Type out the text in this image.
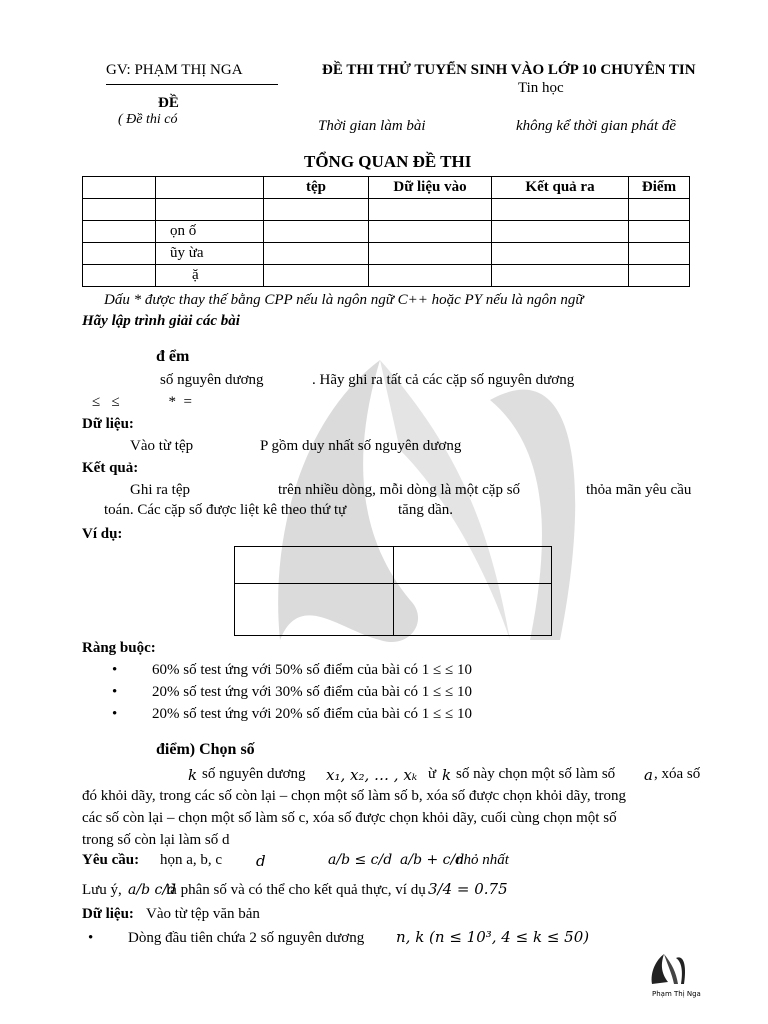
GV: PHẠM THỊ NGA	ĐỀ THI THỬ TUYỂN SINH VÀO LỚP 10 CHUYÊN TIN
Tin học
ĐỀ
( Đề thi có	Thời gian làm bài	không kể thời gian phát đề
TỔNG QUAN ĐỀ THI
		tệp	Dữ liệu vào	Kết quả ra	Điểm

	ọn ố				
	ũy ừa				
	ặ				
Dấu * được thay thế bằng CPP nếu là ngôn ngữ C++ hoặc PY nếu là ngôn ngữ
Hãy lập trình giải các bài
đ ểm
số nguyên dương	. Hãy ghi ra tất cả các cặp số nguyên dương
≤   ≤             *  =
Dữ liệu:
Vào từ tệp	P gồm duy nhất số nguyên dương
Kết quả:
Ghi ra tệp	trên nhiều dòng, mỗi dòng là một cặp số	thỏa mãn yêu cầu
toán. Các cặp số được liệt kê theo thứ tự	tăng dần.
Ví dụ:

Ràng buộc:
• 60% số test ứng với 50% số điểm của bài có 1 ≤ ≤ 10
• 20% số test ứng với 30% số điểm của bài có 1 ≤ ≤ 10
• 20% số test ứng với 20% số điểm của bài có 1 ≤ ≤ 10
điểm) Chọn số
k số nguyên dương x₁, x₂, … , xₖ ừ k số này chọn một số làm số a , xóa số
đó khỏi dãy, trong các số còn lại – chọn một số làm số b, xóa số được chọn khỏi dãy, trong
các số còn lại – chọn một số làm số c, xóa số được chọn khỏi dãy, cuối cùng chọn một số
trong số còn lại làm số d
Yêu cầu: họn a, b, c d	a/b ≤ c/d a/b + c/d
nhỏ nhất
Lưu ý, a/b c/d
là phân số và có thể cho kết quả thực, ví dụ 3/4 = 0.75
Dữ liệu: Vào từ tệp văn bản
• Dòng đầu tiên chứa 2 số nguyên dương n, k (n ≤ 10³, 4 ≤ k ≤ 50)
Phạm Thị Nga
